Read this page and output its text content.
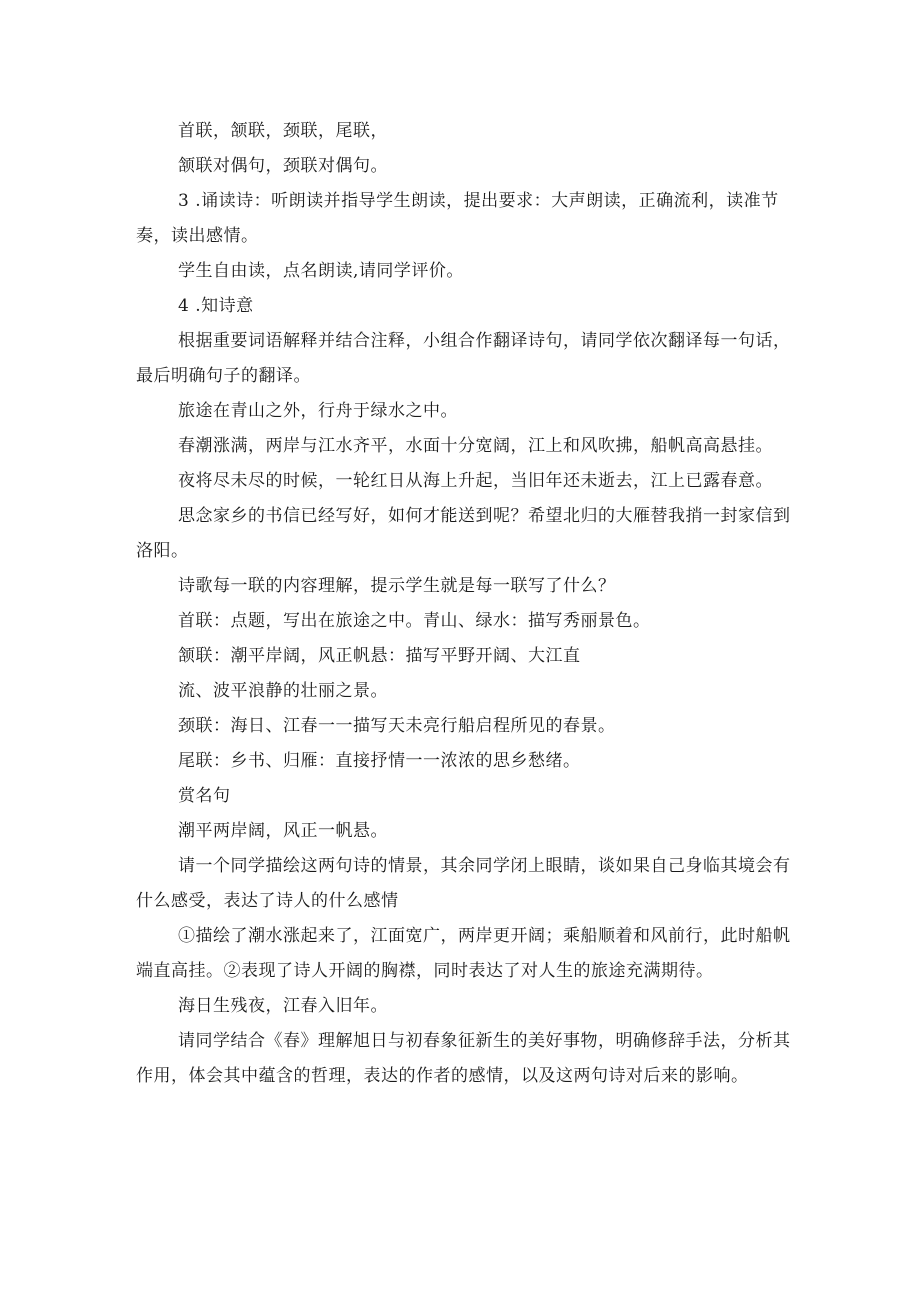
首联，颔联，颈联，尾联，

颔联对偶句，颈联对偶句。

3 .诵读诗：听朗读并指导学生朗读，提出要求：大声朗读，正确流利，读准节奏，读出感情。

学生自由读，点名朗读,请同学评价。

4 .知诗意

根据重要词语解释并结合注释，小组合作翻译诗句，请同学依次翻译每一句话，最后明确句子的翻译。

旅途在青山之外，行舟于绿水之中。

春潮涨满，两岸与江水齐平，水面十分宽阔，江上和风吹拂，船帆高高悬挂。

夜将尽未尽的时候，一轮红日从海上升起，当旧年还未逝去，江上已露春意。

思念家乡的书信已经写好，如何才能送到呢？希望北归的大雁替我捎一封家信到洛阳。

诗歌每一联的内容理解，提示学生就是每一联写了什么？

首联：点题，写出在旅途之中。青山、绿水：描写秀丽景色。

颔联：潮平岸阔，风正帆悬：描写平野开阔、大江直

流、波平浪静的壮丽之景。

颈联：海日、江春一一描写天未亮行船启程所见的春景。

尾联：乡书、归雁：直接抒情一一浓浓的思乡愁绪。

赏名句

潮平两岸阔，风正一帆悬。

请一个同学描绘这两句诗的情景，其余同学闭上眼睛，谈如果自己身临其境会有什么感受，表达了诗人的什么感情

①描绘了潮水涨起来了，江面宽广，两岸更开阔；乘船顺着和风前行，此时船帆端直高挂。②表现了诗人开阔的胸襟，同时表达了对人生的旅途充满期待。

海日生残夜，江春入旧年。

请同学结合《春》理解旭日与初春象征新生的美好事物，明确修辞手法，分析其作用，体会其中蕴含的哲理，表达的作者的感情，以及这两句诗对后来的影响。
